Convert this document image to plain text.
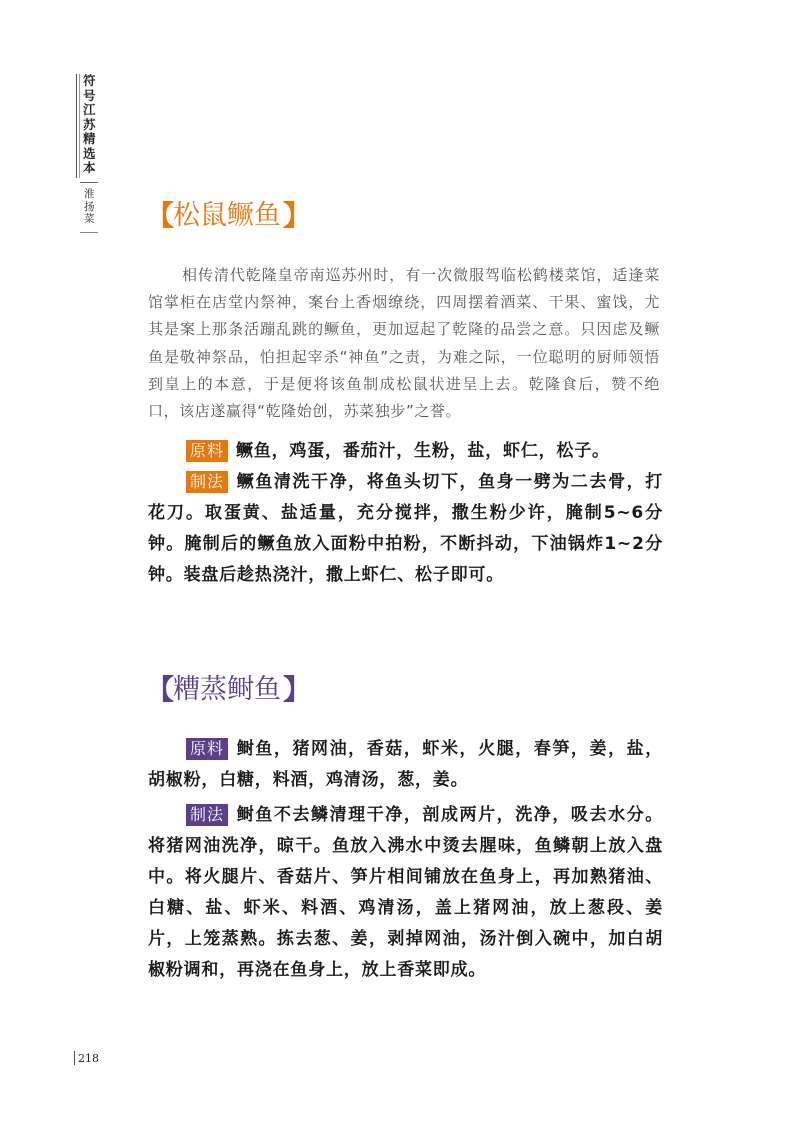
符号江苏精选本
淮扬菜 【 松鼠鳜鱼 】
相传清代乾隆皇帝南巡苏州时，有一次微服驾临松鹤楼菜馆，适逢菜馆掌柜在店堂内祭神，案台上香烟缭绕，四周摆着酒菜、干果、蜜饯，尤其是案上那条活蹦乱跳的鳜鱼，更加逗起了乾隆的品尝之意。只因虑及鳜鱼是敬神祭品，怕担起宰杀“神鱼”之责，为难之际，一位聪明的厨师领悟到皇上的本意，于是便将该鱼制成松鼠状进呈上去。乾隆食后，赞不绝口，该店遂赢得“乾隆始创，苏菜独步”之誉。

原料 鳜鱼，鸡蛋，番茄汁，生粉，盐，虾仁，松子。

制法 鳜鱼清洗干净，将鱼头切下，鱼身一劈为二去骨，打花刀。取蛋黄、盐适量，充分搅拌，撒生粉少许，腌制5~6分钟。腌制后的鳜鱼放入面粉中拍粉，不断抖动，下油锅炸1~2分钟。装盘后趁热浇汁，撒上虾仁、松子即可。

【 糟蒸鲥鱼 】

原料 鲥鱼，猪网油，香菇，虾米，火腿，春笋，姜，盐，胡椒粉，白糖，料酒，鸡清汤，葱，姜。

制法 鲥鱼不去鳞清理干净，剖成两片，洗净，吸去水分。将猪网油洗净，晾干。鱼放入沸水中烫去腥味，鱼鳞朝上放入盘中。将火腿片、香菇片、笋片相间铺放在鱼身上，再加熟猪油、白糖、盐、虾米、料酒、鸡清汤，盖上猪网油，放上葱段、姜片，上笼蒸熟。拣去葱、姜，剥掉网油，汤汁倒入碗中，加白胡椒粉调和，再浇在鱼身上，放上香菜即成。

218
